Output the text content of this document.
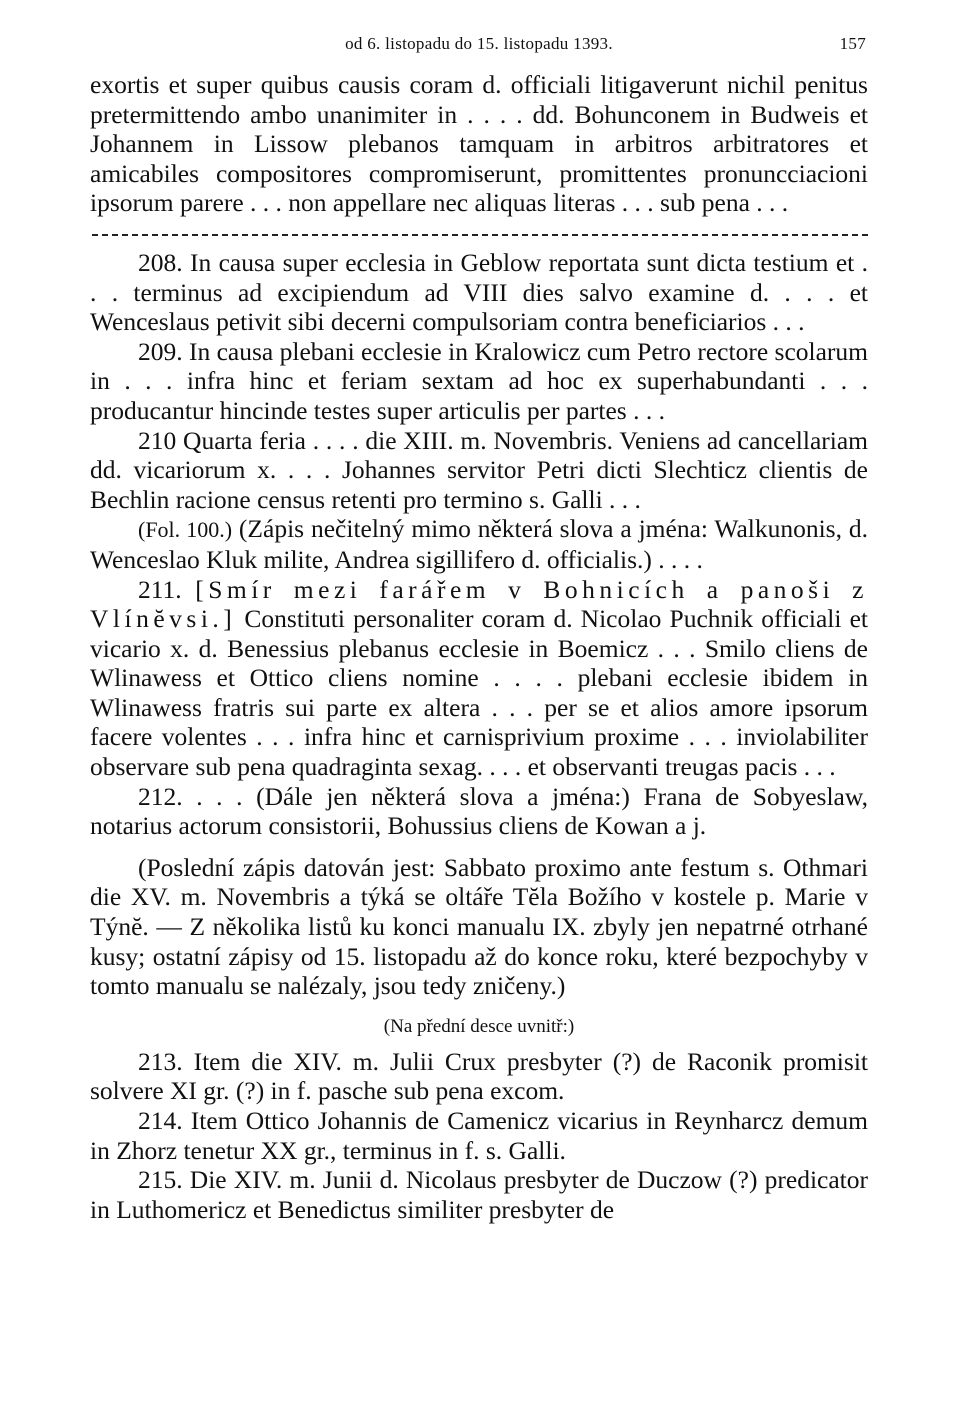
od 6. listopadu do 15. listopadu 1393.	157

exortis et super quibus causis coram d. officiali litigaverunt nichil penitus pretermittendo ambo unanimiter in . . . . dd. Bohunconem in Budweis et Johannem in Lissow plebanos tamquam in arbitros arbitratores et amicabiles compositores compromiserunt, promittentes pronuncciacioni ipsorum parere . . . non appellare nec aliquas literas . . . sub pena . . .

208. In causa super ecclesia in Geblow reportata sunt dicta testium et . . . terminus ad excipiendum ad VIII dies salvo examine d. . . . et Wenceslaus petivit sibi decerni compulsoriam contra beneficiarios . . .

209. In causa plebani ecclesie in Kralowicz cum Petro rectore scolarum in . . . infra hinc et feriam sextam ad hoc ex superhabundanti . . . producantur hincinde testes super articulis per partes . . .

210 Quarta feria . . . . die XIII. m. Novembris. Veniens ad cancellariam dd. vicariorum x. . . . Johannes servitor Petri dicti Slechticz clientis de Bechlin racione census retenti pro termino s. Galli . . .

(Fol. 100.) (Zápis nečitelný mimo některá slova a jména: Walkunonis, d. Wenceslao Kluk milite, Andrea sigillifero d. officialis.) . . . .

211. [Smír mezi farářem v Bohnicích a panoši z Vlínĕvsi.] Constituti personaliter coram d. Nicolao Puchnik officiali et vicario x. d. Benessius plebanus ecclesie in Boemicz . . . Smilo cliens de Wlinawess et Ottico cliens nomine . . . . plebani ecclesie ibidem in Wlinawess fratris sui parte ex altera . . . per se et alios amore ipsorum facere volentes . . . infra hinc et carnisprivium proxime . . . inviolabiliter observare sub pena quadraginta sexag. . . . et observanti treugas pacis . . .

212. . . . (Dále jen některá slova a jména:) Frana de Sobyeslaw, notarius actorum consistorii, Bohussius cliens de Kowan a j.

(Poslední zápis datován jest: Sabbato proximo ante festum s. Othmari die XV. m. Novembris a týká se oltáře Tĕla Božího v kostele p. Marie v Týnĕ. — Z několika listů ku konci manualu IX. zbyly jen nepatrné otrhané kusy; ostatní zápisy od 15. listopadu až do konce roku, které bezpochyby v tomto manualu se nalézaly, jsou tedy zničeny.)

(Na přední desce uvnitř:)

213. Item die XIV. m. Julii Crux presbyter (?) de Raconik promisit solvere XI gr. (?) in f. pasche sub pena excom.

214. Item Ottico Johannis de Camenicz vicarius in Reynharcz demum in Zhorz tenetur XX gr., terminus in f. s. Galli.

215. Die XIV. m. Junii d. Nicolaus presbyter de Duczow (?) predicator in Luthomericz et Benedictus similiter presbyter de
